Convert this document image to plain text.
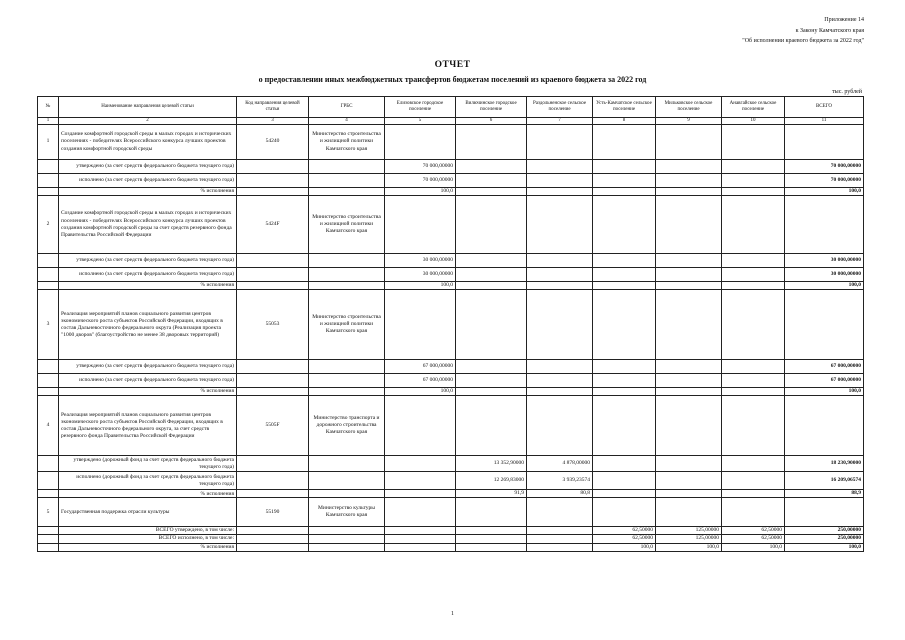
Приложение 14
к Закону Камчатского края
"Об исполнении краевого бюджета за 2022 год"
ОТЧЕТ
о предоставлении иных межбюджетных трансфертов бюджетам поселений из краевого бюджета за 2022 год
тыс. рублей
№	Наименование направления целевой статьи	Код направления целевой статьи	ГРБС	Елизовское городское поселение	Вилючинское городское поселение	Раздольненское сельское поселение	Усть-Камчатское сельское поселение	Мильковское сельское поселение	Анавгайское сельское поселение	ВСЕГО
1	2	3	4	5	6	7	8	9	10	11
1	Создание комфортной городской среды в малых городах и исторических поселениях - победителях Всероссийского конкурса лучших проектов создания комфортной городской среды	54240	Министерство строительства и жилищной политики Камчатского края							
	утверждено (за счет средств федерального бюджета текущего года)			70 000,00000						70 000,00000
	исполнено (за счет средств федерального бюджета текущего года)			70 000,00000						70 000,00000
	% исполнения			100,0						100,0
2	Создание комфортной городской среды в малых городах и исторических поселениях - победителях Всероссийского конкурса лучших проектов создания комфортной городской среды за счет средств резервного фонда Правительства Российской Федерации	5424F	Министерство строительства и жилищной политики Камчатского края							
	утверждено (за счет средств федерального бюджета текущего года)			30 000,00000						30 000,00000
	исполнено (за счет средств федерального бюджета текущего года)			30 000,00000						30 000,00000
	% исполнения			100,0						100,0
3	Реализация мероприятий планов социального развития центров экономического роста субъектов Российской Федерации, входящих в состав Дальневосточного федерального округа (Реализация проекта "1000 дворов" (благоустройство не менее 38 дворовых территорий)	55053	Министерство строительства и жилищной политики Камчатского края							
	утверждено (за счет средств федерального бюджета текущего года)			67 000,00000						67 000,00000
	исполнено (за счет средств федерального бюджета текущего года)			67 000,00000						67 000,00000
	% исполнения			100,0						100,0
4	Реализация мероприятий планов социального развития центров экономического роста субъектов Российской Федерации, входящих в состав Дальневосточного федерального округа, за счет средств резервного фонда Правительства Российской Федерации	5505F	Министерство транспорта и дорожного строительства Камчатского края							
	утверждено (дорожный фонд за счет средств федерального бюджета текущего года)				13 352,90000	4 878,00000				18 230,90000
	исполнено (дорожный фонд за счет средств федерального бюджета текущего года)				12 269,83000	3 939,23574				16 209,06574
	% исполнения				91,9	80,8				88,9
5	Государственная поддержка отрасли культуры	55190	Министерство культуры Камчатского края							
	ВСЕГО утверждено, в том числе:						62,50000	125,00000	62,50000	250,00000
	ВСЕГО исполнено, в том числе:						62,50000	125,00000	62,50000	250,00000
	% исполнения						100,0	100,0	100,0	100,0
1
